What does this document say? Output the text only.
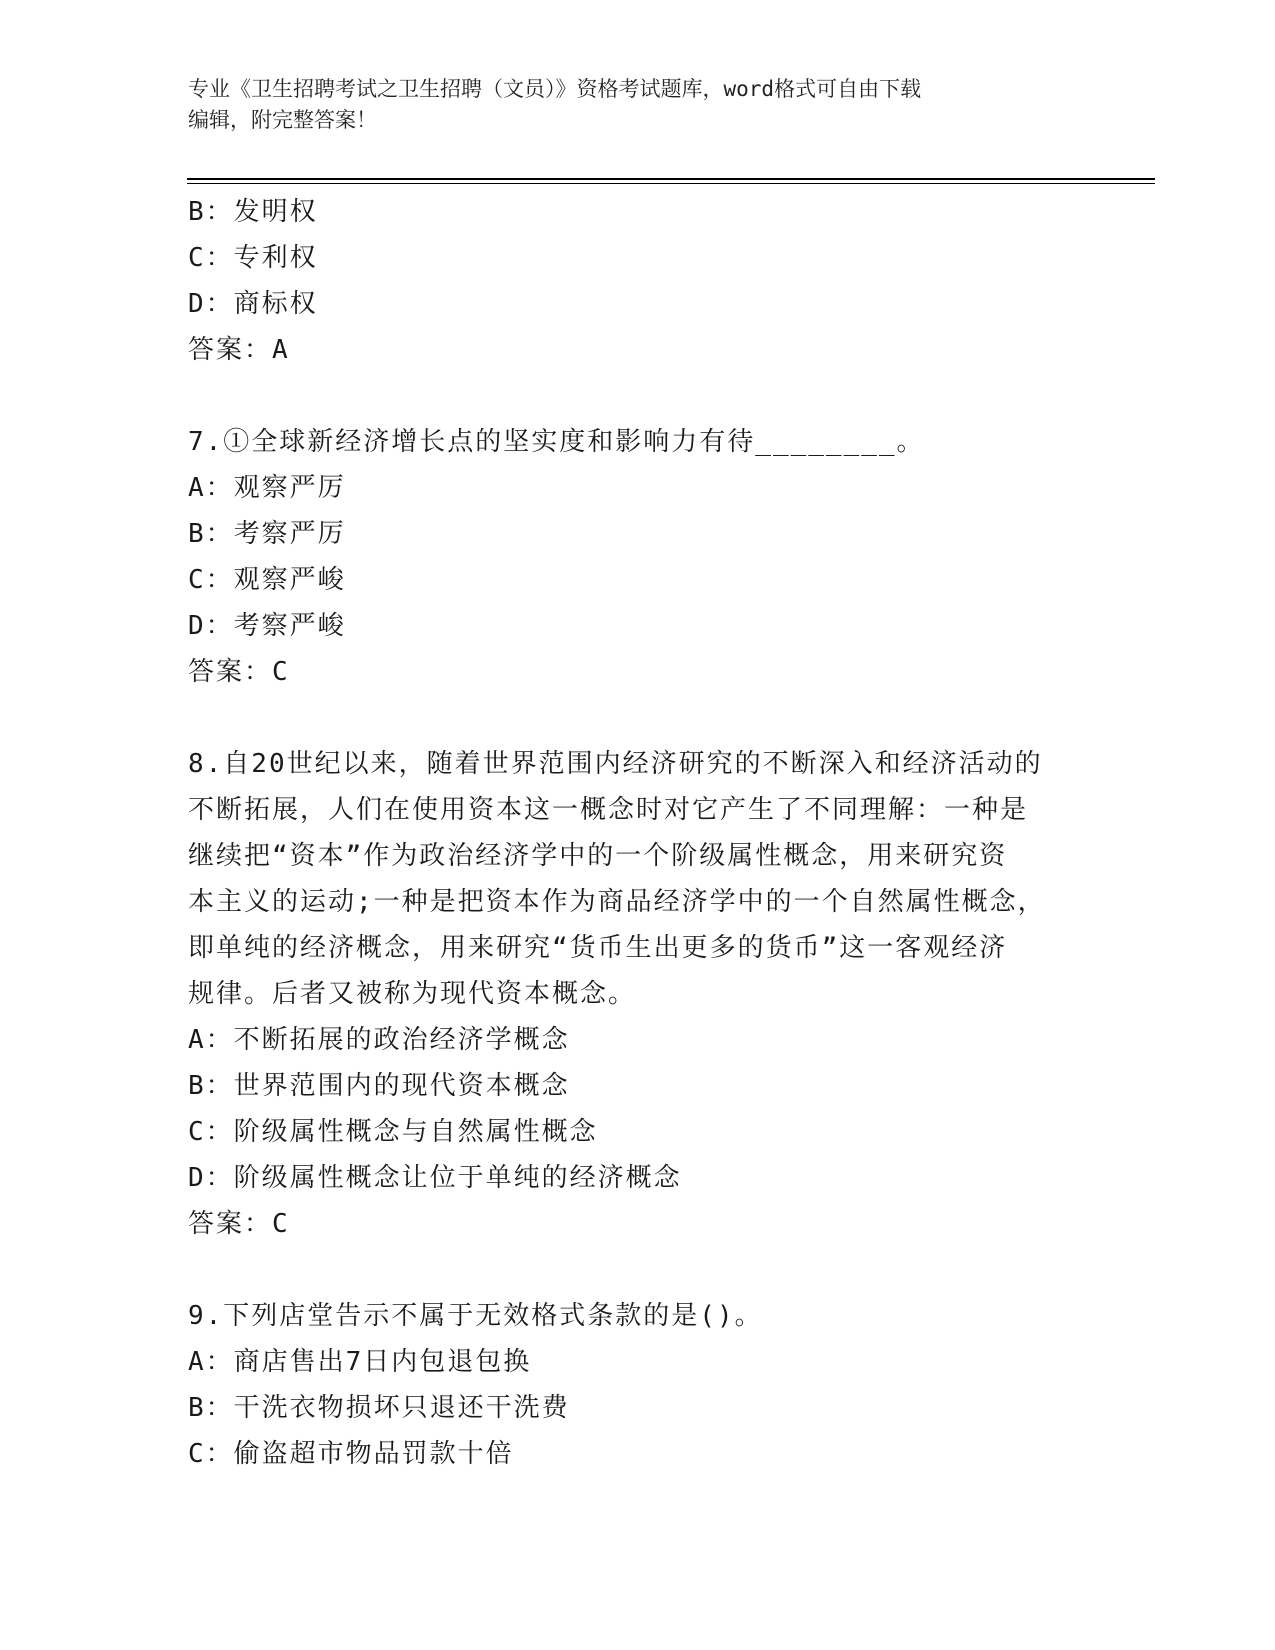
专业《卫生招聘考试之卫生招聘（文员）》资格考试题库，word格式可自由下载
编辑，附完整答案！
B：发明权
C：专利权
D：商标权
答案：A
7.①全球新经济增长点的坚实度和影响力有待________。
A：观察严厉
B：考察严厉
C：观察严峻
D：考察严峻
答案：C
8.自20世纪以来，随着世界范围内经济研究的不断深入和经济活动的
不断拓展，人们在使用资本这一概念时对它产生了不同理解：一种是
继续把“资本”作为政治经济学中的一个阶级属性概念，用来研究资
本主义的运动;一种是把资本作为商品经济学中的一个自然属性概念，
即单纯的经济概念，用来研究“货币生出更多的货币”这一客观经济
规律。后者又被称为现代资本概念。
A：不断拓展的政治经济学概念
B：世界范围内的现代资本概念
C：阶级属性概念与自然属性概念
D：阶级属性概念让位于单纯的经济概念
答案：C
9.下列店堂告示不属于无效格式条款的是()。
A：商店售出7日内包退包换
B：干洗衣物损坏只退还干洗费
C：偷盗超市物品罚款十倍
